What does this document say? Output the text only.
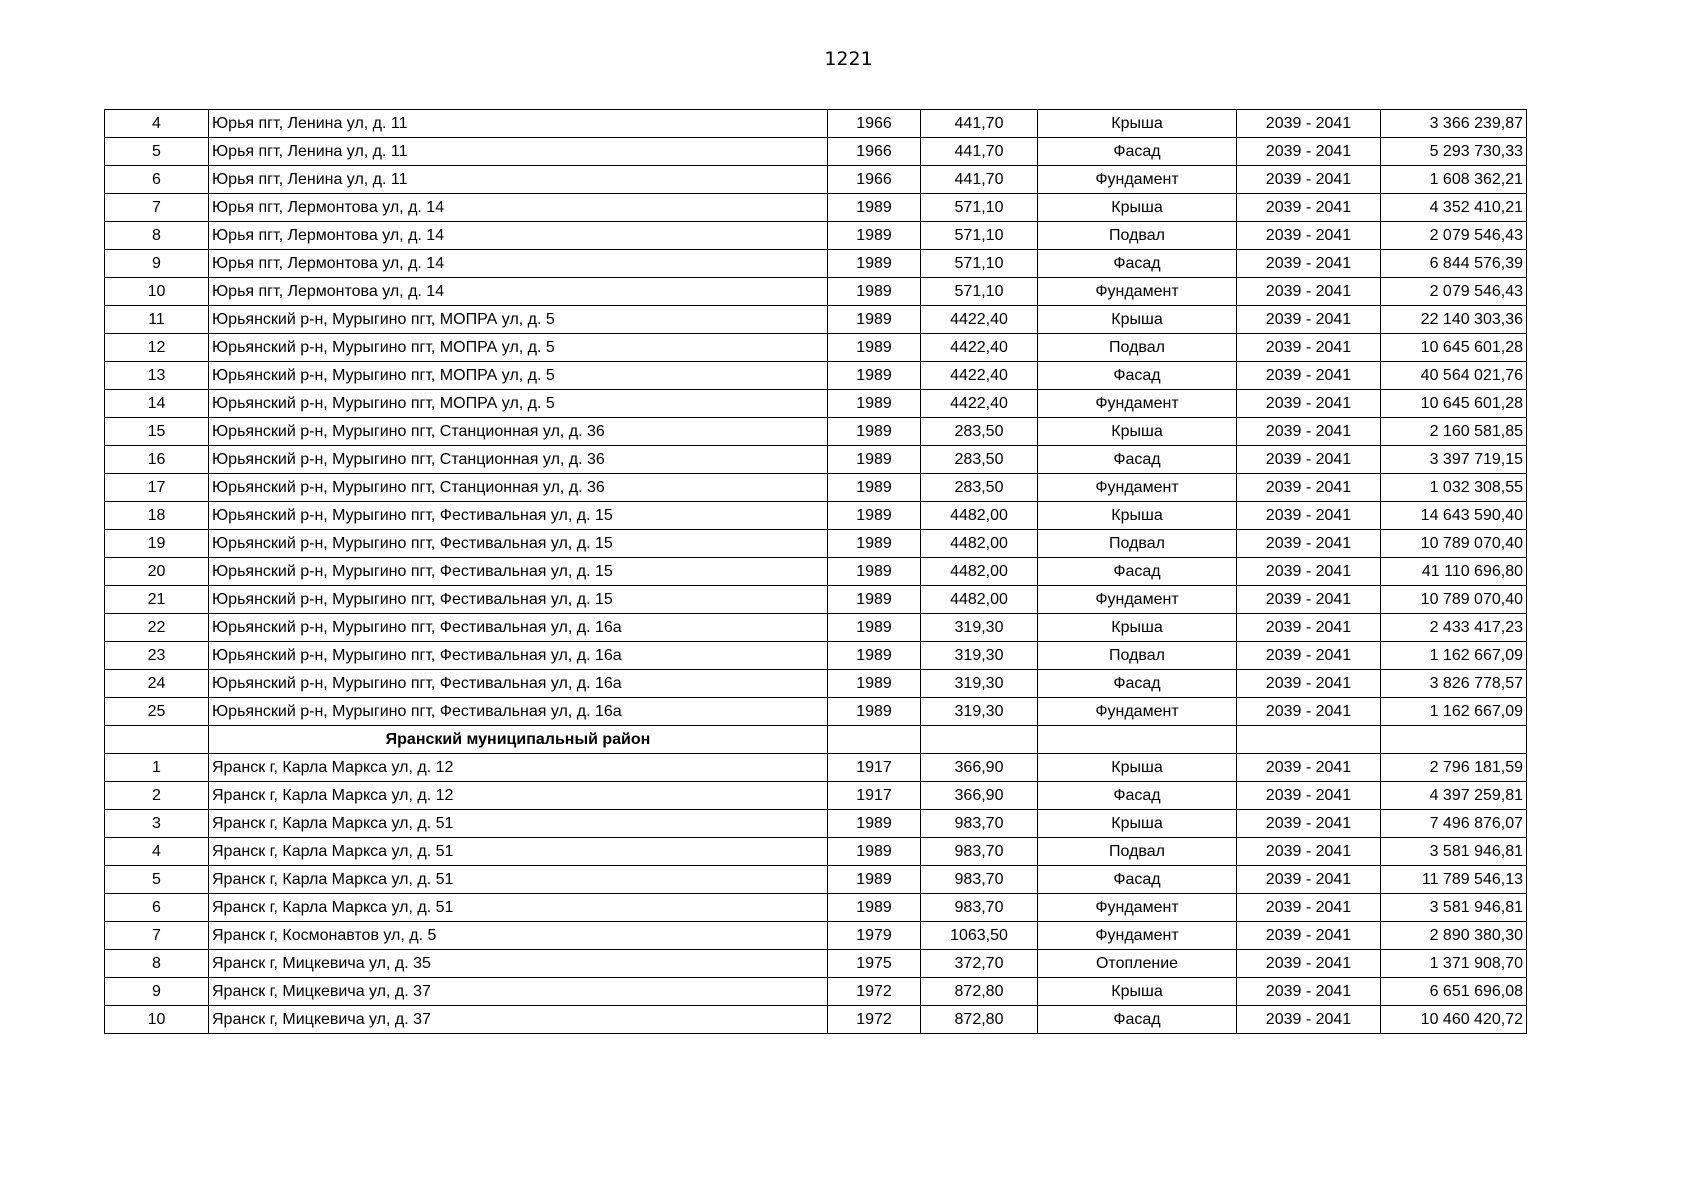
1221
4	Юрья пгт, Ленина ул, д. 11	1966	441,70	Крыша	2039 - 2041	3 366 239,87
5	Юрья пгт, Ленина ул, д. 11	1966	441,70	Фасад	2039 - 2041	5 293 730,33
6	Юрья пгт, Ленина ул, д. 11	1966	441,70	Фундамент	2039 - 2041	1 608 362,21
7	Юрья пгт, Лермонтова ул, д. 14	1989	571,10	Крыша	2039 - 2041	4 352 410,21
8	Юрья пгт, Лермонтова ул, д. 14	1989	571,10	Подвал	2039 - 2041	2 079 546,43
9	Юрья пгт, Лермонтова ул, д. 14	1989	571,10	Фасад	2039 - 2041	6 844 576,39
10	Юрья пгт, Лермонтова ул, д. 14	1989	571,10	Фундамент	2039 - 2041	2 079 546,43
11	Юрьянский р-н, Мурыгино пгт, МОПРА ул, д. 5	1989	4422,40	Крыша	2039 - 2041	22 140 303,36
12	Юрьянский р-н, Мурыгино пгт, МОПРА ул, д. 5	1989	4422,40	Подвал	2039 - 2041	10 645 601,28
13	Юрьянский р-н, Мурыгино пгт, МОПРА ул, д. 5	1989	4422,40	Фасад	2039 - 2041	40 564 021,76
14	Юрьянский р-н, Мурыгино пгт, МОПРА ул, д. 5	1989	4422,40	Фундамент	2039 - 2041	10 645 601,28
15	Юрьянский р-н, Мурыгино пгт, Станционная ул, д. 36	1989	283,50	Крыша	2039 - 2041	2 160 581,85
16	Юрьянский р-н, Мурыгино пгт, Станционная ул, д. 36	1989	283,50	Фасад	2039 - 2041	3 397 719,15
17	Юрьянский р-н, Мурыгино пгт, Станционная ул, д. 36	1989	283,50	Фундамент	2039 - 2041	1 032 308,55
18	Юрьянский р-н, Мурыгино пгт, Фестивальная ул, д. 15	1989	4482,00	Крыша	2039 - 2041	14 643 590,40
19	Юрьянский р-н, Мурыгино пгт, Фестивальная ул, д. 15	1989	4482,00	Подвал	2039 - 2041	10 789 070,40
20	Юрьянский р-н, Мурыгино пгт, Фестивальная ул, д. 15	1989	4482,00	Фасад	2039 - 2041	41 110 696,80
21	Юрьянский р-н, Мурыгино пгт, Фестивальная ул, д. 15	1989	4482,00	Фундамент	2039 - 2041	10 789 070,40
22	Юрьянский р-н, Мурыгино пгт, Фестивальная ул, д. 16а	1989	319,30	Крыша	2039 - 2041	2 433 417,23
23	Юрьянский р-н, Мурыгино пгт, Фестивальная ул, д. 16а	1989	319,30	Подвал	2039 - 2041	1 162 667,09
24	Юрьянский р-н, Мурыгино пгт, Фестивальная ул, д. 16а	1989	319,30	Фасад	2039 - 2041	3 826 778,57
25	Юрьянский р-н, Мурыгино пгт, Фестивальная ул, д. 16а	1989	319,30	Фундамент	2039 - 2041	1 162 667,09
	Яранский муниципальный район					
1	Яранск г, Карла Маркса ул, д. 12	1917	366,90	Крыша	2039 - 2041	2 796 181,59
2	Яранск г, Карла Маркса ул, д. 12	1917	366,90	Фасад	2039 - 2041	4 397 259,81
3	Яранск г, Карла Маркса ул, д. 51	1989	983,70	Крыша	2039 - 2041	7 496 876,07
4	Яранск г, Карла Маркса ул, д. 51	1989	983,70	Подвал	2039 - 2041	3 581 946,81
5	Яранск г, Карла Маркса ул, д. 51	1989	983,70	Фасад	2039 - 2041	11 789 546,13
6	Яранск г, Карла Маркса ул, д. 51	1989	983,70	Фундамент	2039 - 2041	3 581 946,81
7	Яранск г, Космонавтов ул, д. 5	1979	1063,50	Фундамент	2039 - 2041	2 890 380,30
8	Яранск г, Мицкевича ул, д. 35	1975	372,70	Отопление	2039 - 2041	1 371 908,70
9	Яранск г, Мицкевича ул, д. 37	1972	872,80	Крыша	2039 - 2041	6 651 696,08
10	Яранск г, Мицкевича ул, д. 37	1972	872,80	Фасад	2039 - 2041	10 460 420,72
